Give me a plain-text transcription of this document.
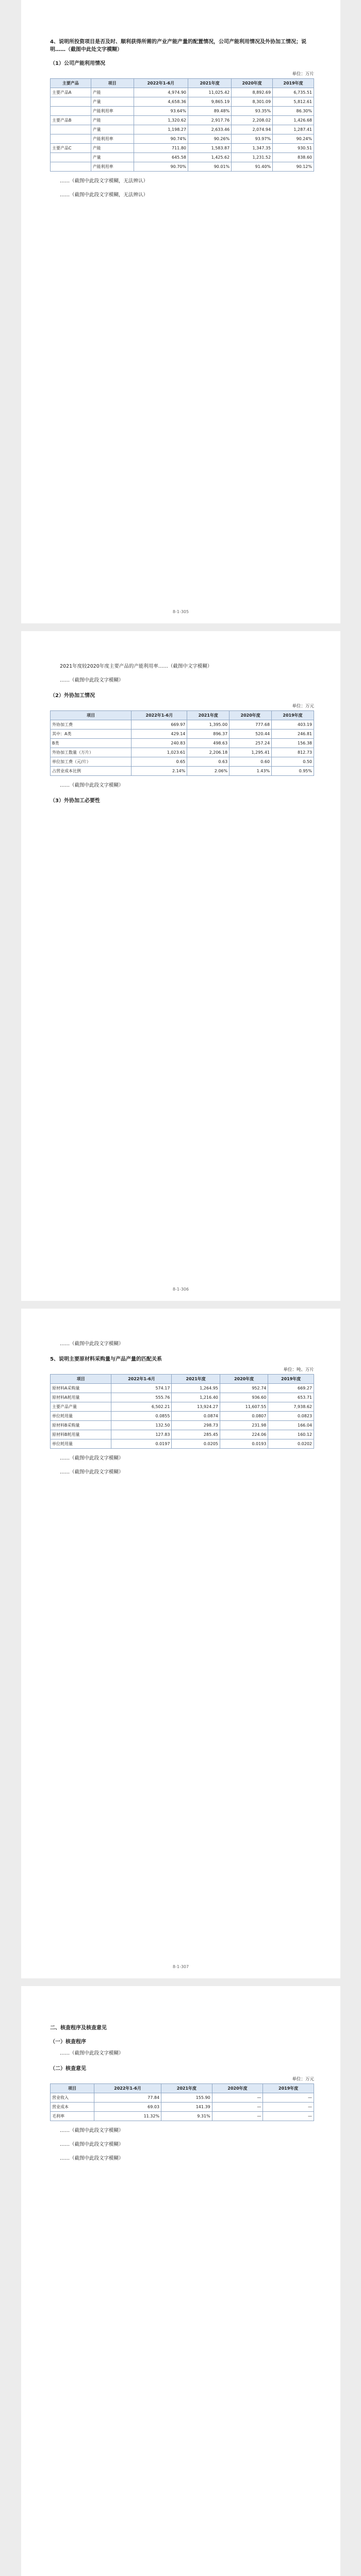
4、说明所投资项目是否及时、顺利获得所需的产业产能产量的配置情况，公司产能利用情况及外协加工情况；说明……（截图中此处文字模糊）
（1）公司产能利用情况
单位：万片
主要产品	项目	2022年1-6月	2021年度	2020年度	2019年度
主要产品A	产能	4,974.90	11,025.42	8,892.69	6,735.51
	产量	4,658.36	9,865.19	8,301.09	5,812.61
	产能利用率	93.64%	89.48%	93.35%	86.30%
主要产品B	产能	1,320.62	2,917.76	2,208.02	1,426.68
	产量	1,198.27	2,633.46	2,074.94	1,287.41
	产能利用率	90.74%	90.26%	93.97%	90.24%
主要产品C	产能	711.80	1,583.87	1,347.35	930.51
	产量	645.58	1,425.62	1,231.52	838.60
	产能利用率	90.70%	90.01%	91.40%	90.12%

……（截图中此段文字模糊，无法辨认）

……（截图中此段文字模糊，无法辨认）

8-1-305

2021年度较2020年度主要产品的产能利用率……（截图中文字模糊）

……（截图中此段文字模糊）

（2）外协加工情况
单位：万元
项目	2022年1-6月	2021年度	2020年度	2019年度
外协加工费	669.97	1,395.00	777.68	403.19
其中：A类	429.14	896.37	520.44	246.81
B类	240.83	498.63	257.24	156.38
外协加工数量（万片）	1,023.61	2,206.18	1,295.41	812.73
单位加工费（元/片）	0.65	0.63	0.60	0.50
占营业成本比例	2.14%	2.06%	1.43%	0.95%

……（截图中此段文字模糊）

（3）外协加工必要性
8-1-306

……（截图中此段文字模糊）

5、说明主要原材料采购量与产品产量的匹配关系
单位：吨、万片
项目	2022年1-6月	2021年度	2020年度	2019年度
原材料A采购量	574.17	1,264.95	952.74	669.27
原材料A耗用量	555.76	1,216.40	936.60	653.71
主要产品产量	6,502.21	13,924.27	11,607.55	7,938.62
单位耗用量	0.0855	0.0874	0.0807	0.0823
原材料B采购量	132.50	298.73	231.98	166.04
原材料B耗用量	127.83	285.45	224.06	160.12
单位耗用量	0.0197	0.0205	0.0193	0.0202

……（截图中此段文字模糊）

……（截图中此段文字模糊）

8-1-307
二、核查程序及核查意见
（一）核查程序

……（截图中此段文字模糊）

（二）核查意见
单位：万元
项目	2022年1-6月	2021年度	2020年度	2019年度
营业收入	77.84	155.90	—	—
营业成本	69.03	141.39	—	—
毛利率	11.32%	9.31%	—	—

……（截图中此段文字模糊）

……（截图中此段文字模糊）

……（截图中此段文字模糊）
